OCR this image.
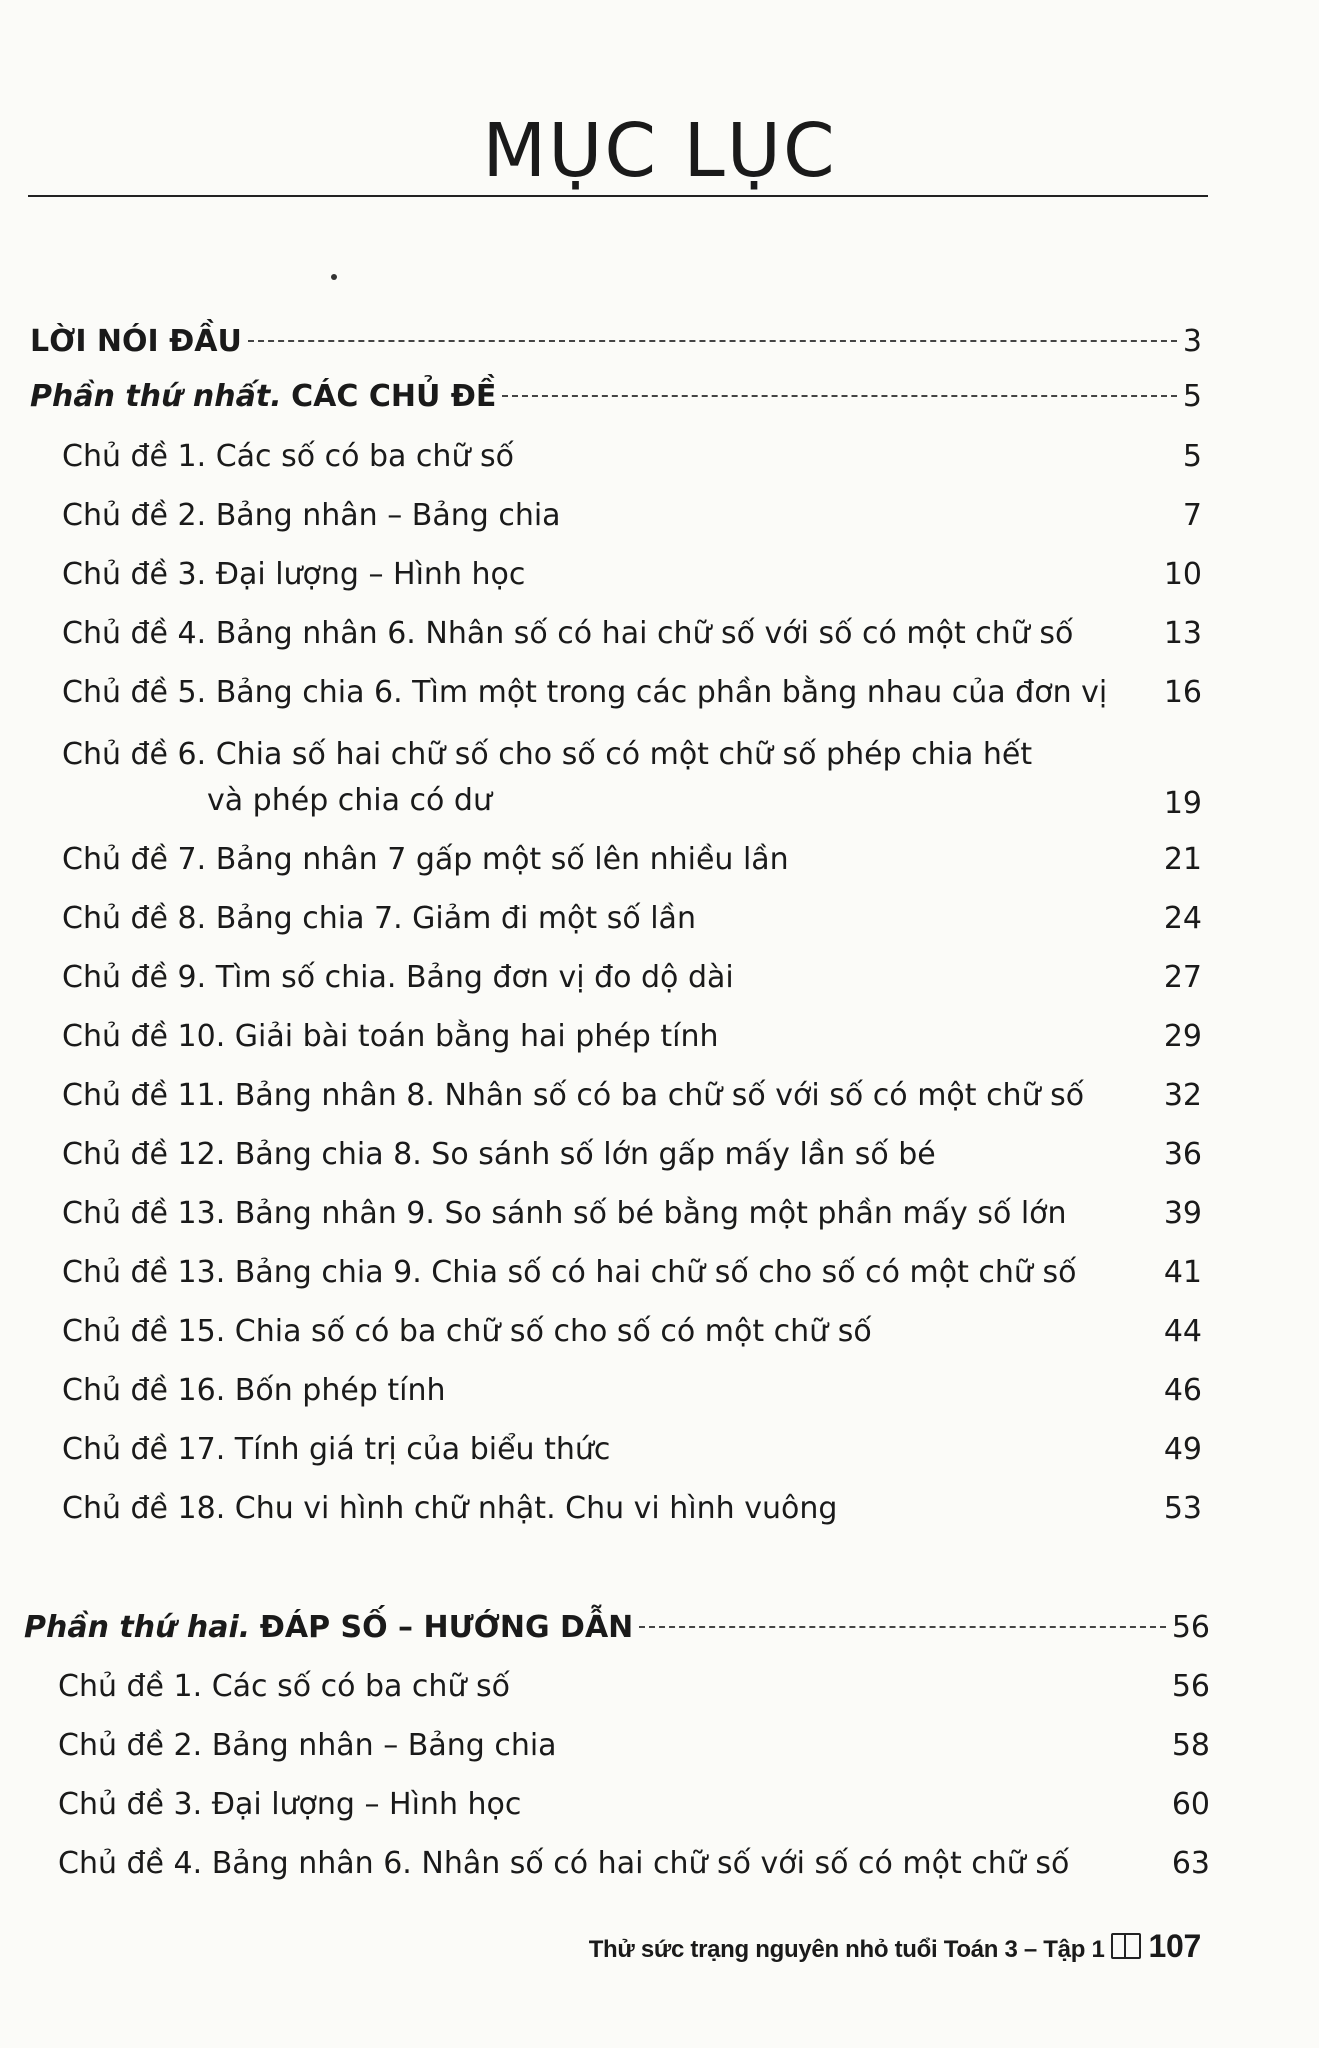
MỤC LỤC
LỜI NÓI ĐẦU	3
Phần thứ nhất. CÁC CHỦ ĐỀ	5
Chủ đề 1. Các số có ba chữ số	5
Chủ đề 2. Bảng nhân – Bảng chia	7
Chủ đề 3. Đại lượng – Hình học	10
Chủ đề 4. Bảng nhân 6. Nhân số có hai chữ số với số có một chữ số	13
Chủ đề 5. Bảng chia 6. Tìm một trong các phần bằng nhau của đơn vị 16
Chủ đề 6. Chia số hai chữ số cho số có một chữ số phép chia hết
và phép chia có dư	19
Chủ đề 7. Bảng nhân 7 gấp một số lên nhiều lần	21
Chủ đề 8. Bảng chia 7. Giảm đi một số lần	24
Chủ đề 9. Tìm số chia. Bảng đơn vị đo dộ dài	27
Chủ đề 10. Giải bài toán bằng hai phép tính	29
Chủ đề 11. Bảng nhân 8. Nhân số có ba chữ số với số có một chữ số	32
Chủ đề 12. Bảng chia 8. So sánh số lớn gấp mấy lần số bé	36
Chủ đề 13. Bảng nhân 9. So sánh số bé bằng một phần mấy số lớn	39
Chủ đề 13. Bảng chia 9. Chia số có hai chữ số cho số có một chữ số	41
Chủ đề 15. Chia số có ba chữ số cho số có một chữ số	44
Chủ đề 16. Bốn phép tính	46
Chủ đề 17. Tính giá trị của biểu thức	49
Chủ đề 18. Chu vi hình chữ nhật. Chu vi hình vuông	53
Phần thứ hai. ĐÁP SỐ – HƯỚNG DẪN	56
Chủ đề 1. Các số có ba chữ số	56
Chủ đề 2. Bảng nhân – Bảng chia	58
Chủ đề 3. Đại lượng – Hình học	60
Chủ đề 4. Bảng nhân 6. Nhân số có hai chữ số với số có một chữ số	63
Thử sức trạng nguyên nhỏ tuổi Toán 3 – Tập 1 107
